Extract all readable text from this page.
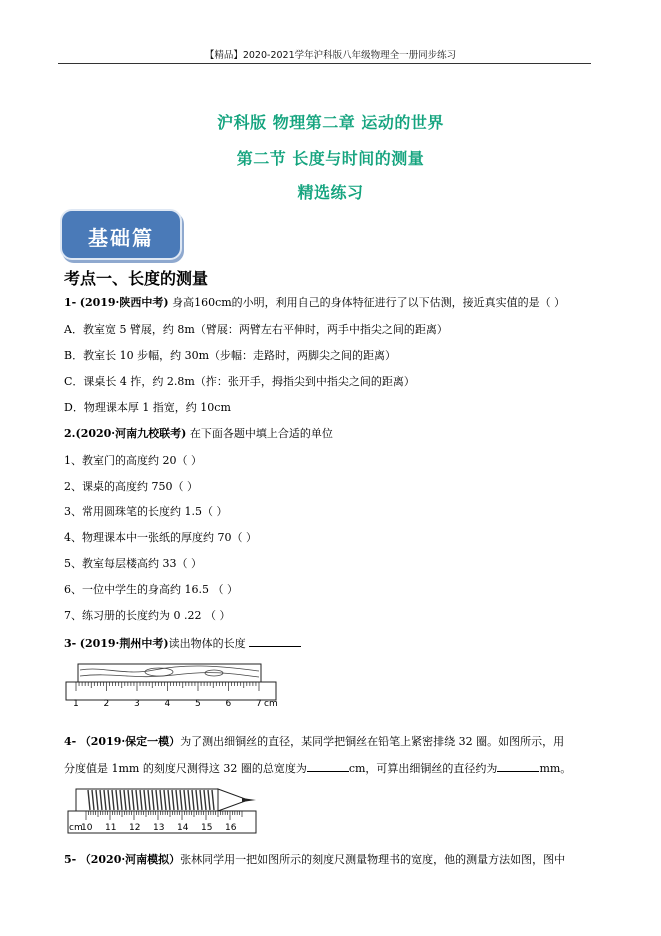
【精品】2020-2021学年沪科版八年级物理全一册同步练习
沪科版 物理第二章 运动的世界
第二节 长度与时间的测量
精选练习
基础篇
考点一、长度的测量
1- (2019·陕西中考) 身高160cm的小明，利用自己的身体特征进行了以下估测，接近真实值的是（ ）
A．教室宽 5 臂展，约 8m（臂展：两臂左右平伸时，两手中指尖之间的距离）
B．教室长 10 步幅，约 30m（步幅：走路时，两脚尖之间的距离）
C．课桌长 4 拃，约 2.8m（拃：张开手，拇指尖到中指尖之间的距离）
D．物理课本厚 1 指宽，约 10cm
2.(2020·河南九校联考) 在下面各题中填上合适的单位
1、教室门的高度约 20（ ）
2、课桌的高度约 750（ ）
3、常用圆珠笔的长度约 1.5（ ）
4、物理课本中一张纸的厚度约 70（ ）
5、教室每层楼高约 33（ ）
6、一位中学生的身高约 16.5 （ ）
7、练习册的长度约为 0 .22 （ ）
3- (2019·荆州中考)读出物体的长度
1	2	3	4	5	6	7 cm
4- （2019·保定一模）为了测出细铜丝的直径，某同学把铜丝在铅笔上紧密排绕 32 圈。如图所示，用
分度值是 1mm 的刻度尺测得这 32 圈的总宽度为	cm，可算出细铜丝的直径约为	mm。
cm
10 11 12 13 14 15 16
5- （2020·河南模拟）张林同学用一把如图所示的刻度尺测量物理书的宽度，他的测量方法如图，图中
